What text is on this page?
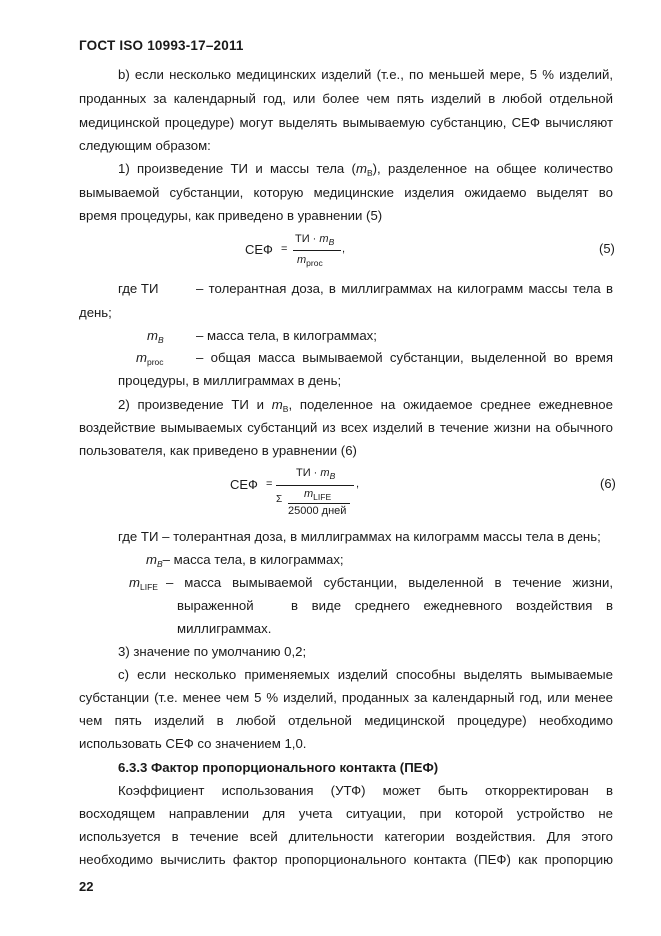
ГОСТ ISO 10993-17–2011
b) если несколько медицинских изделий (т.е., по меньшей мере, 5 % изделий,
проданных за календарный год, или более чем пять изделий в любой отдельной
медицинской процедуре) могут выделять вымываемую субстанцию, СЕФ вычисляют
следующим образом:
1) произведение ТИ и массы тела $(m_B)$, разделенное на общее количество
вымываемой субстанции, которую медицинские изделия ожидаемо выделят во
время процедуры, как приведено в уравнении (5)
СЕФ =
ТИ · $m_B$
,
$m_{proc}$
(5)
где ТИ	– толерантная доза, в миллиграммах на килограмм массы тела в
день;
$m_B$ – масса тела, в килограммах;
$m_{proc}$ – общая масса вымываемой субстанции, выделенной во время
процедуры, в миллиграммах в день;
2) произведение ТИ и $m_B$, поделенное на ожидаемое среднее ежедневное
воздействие вымываемых субстанций из всех изделий в течение жизни на обычного
пользователя, как приведено в уравнении (6)
СЕФ =
ТИ · $m_B$
,
Σ $m_{LIFE}$
25000 дней
(6)
где ТИ – толерантная доза, в миллиграммах на килограмм массы тела в день;
$m_B-$ масса тела, в килограммах;
$m_{LIFE}$ – масса вымываемой субстанции, выделенной в течение жизни,
выраженной	в виде среднего ежедневного воздействия в
миллиграммах.
3) значение по умолчанию 0,2;
с) если несколько применяемых изделий способны выделять вымываемые
субстанции (т.е. менее чем 5 % изделий, проданных за календарный год, или менее
чем пять изделий в любой отдельной медицинской процедуре) необходимо
использовать СЕФ со значением 1,0.
6.3.3 Фактор пропорционального контакта (ПЕФ)
Коэффициент использования (УТФ) может быть откорректирован в
восходящем направлении для учета ситуации, при которой устройство не
используется в течение всей длительности категории воздействия. Для этого
необходимо вычислить фактор пропорционального контакта (ПЕФ) как пропорцию
22
